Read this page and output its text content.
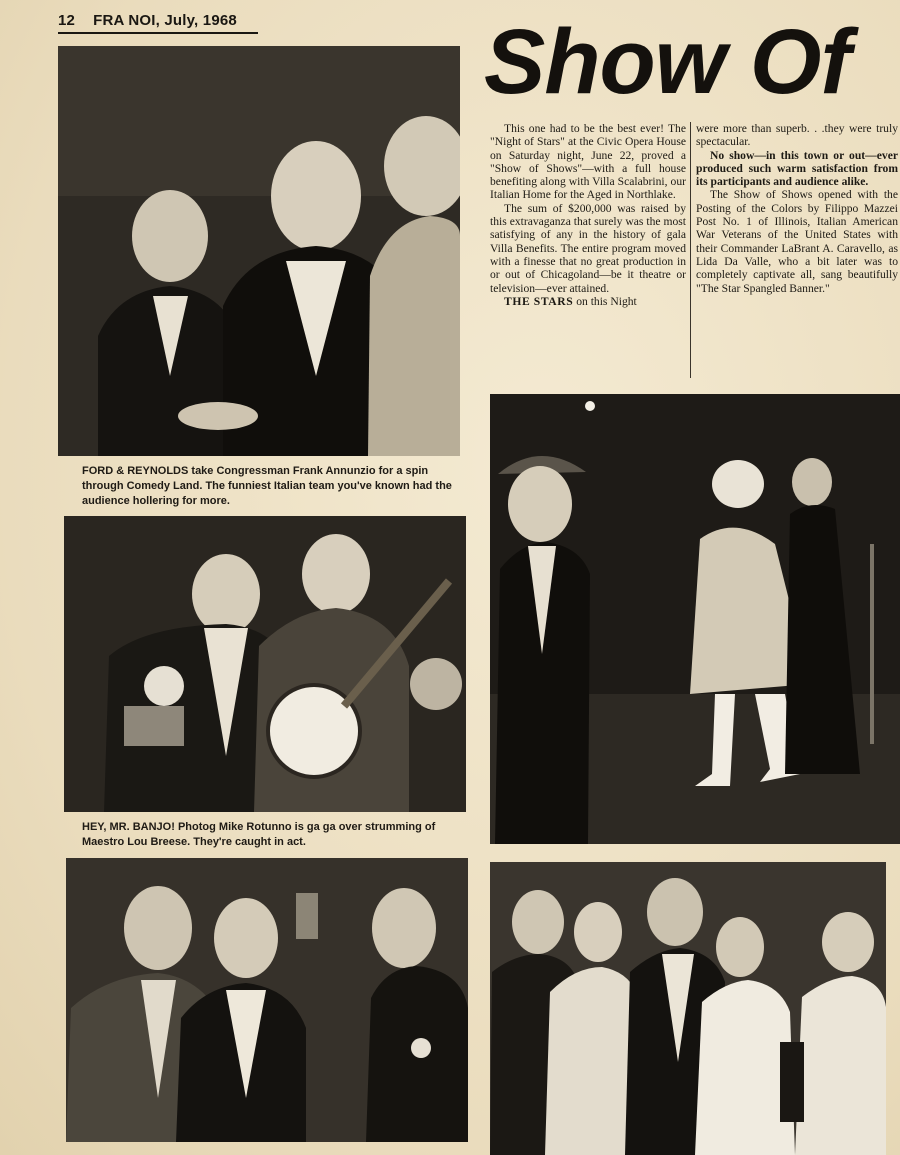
12 FRA NOI, July, 1968	Show Of
FORD & REYNOLDS take Congressman Frank Annunzio for a spin through Comedy Land. The funniest Italian team you've known had the audience hollering for more.
HEY, MR. BANJO! Photog Mike Rotunno is ga ga over strumming of Maestro Lou Breese. They're caught in act.

This one had to be the best ever! The "Night of Stars" at the Civic Opera House on Saturday night, June 22, proved a "Show of Shows"—with a full house benefiting along with Villa Scalabrini, our Italian Home for the Aged in Northlake.

The sum of $200,000 was raised by this extravaganza that surely was the most satisfying of any in the history of gala Villa Benefits. The entire program moved with a finesse that no great production in or out of Chicagoland—be it theatre or television—ever attained.

THE STARS on this Night

were more than superb. . .they were truly spectacular.

No show—in this town or out—ever produced such warm satisfaction from its participants and audience alike.

The Show of Shows opened with the Posting of the Colors by Filippo Mazzei Post No. 1 of Illinois, Italian American War Veterans of the United States with their Commander LaBrant A. Caravello, as Lida Da Valle, who a bit later was to completely captivate all, sang beautifully "The Star Spangled Banner."
